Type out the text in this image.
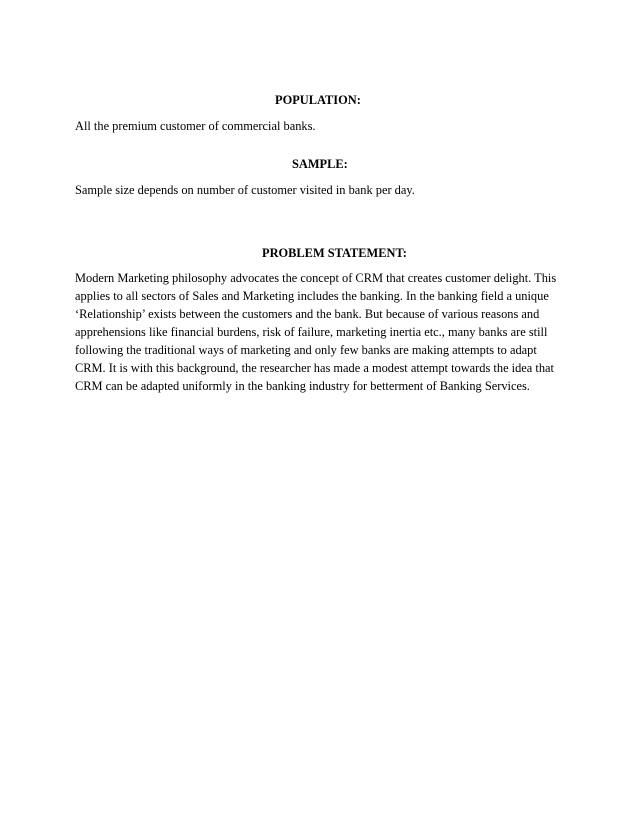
POPULATION:
All the premium customer of commercial banks.
SAMPLE:
Sample size depends on number of customer visited in bank per day.
PROBLEM STATEMENT:
Modern Marketing philosophy advocates the concept of CRM that creates customer delight. This
applies to all sectors of Sales and Marketing includes the banking. In the banking field a unique
‘Relationship’ exists between the customers and the bank. But because of various reasons and
apprehensions like financial burdens, risk of failure, marketing inertia etc., many banks are still
following the traditional ways of marketing and only few banks are making attempts to adapt
CRM. It is with this background, the researcher has made a modest attempt towards the idea that
CRM can be adapted uniformly in the banking industry for betterment of Banking Services.
